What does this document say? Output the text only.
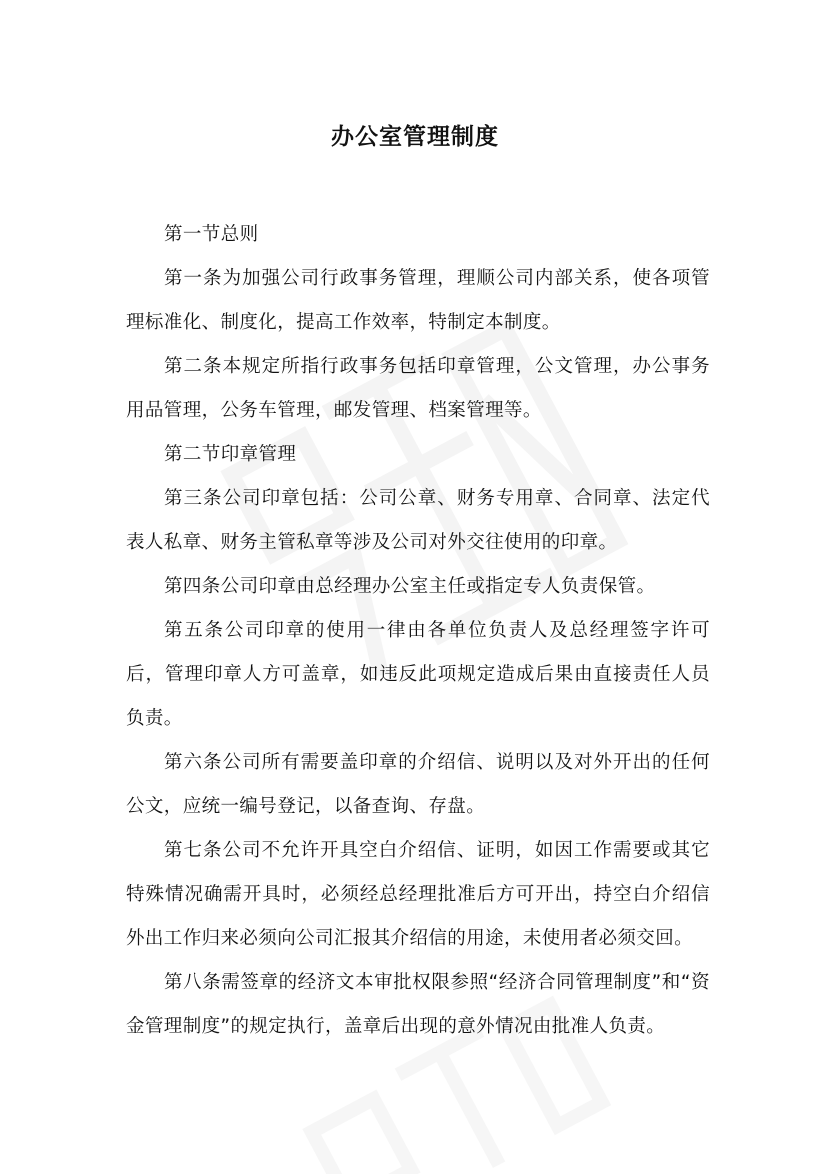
办公室管理制度

第一节总则

第一条为加强公司行政事务管理，理顺公司内部关系，使各项管理标准化、制度化，提高工作效率，特制定本制度。

第二条本规定所指行政事务包括印章管理，公文管理，办公事务用品管理，公务车管理，邮发管理、档案管理等。

第二节印章管理

第三条公司印章包括：公司公章、财务专用章、合同章、法定代表人私章、财务主管私章等涉及公司对外交往使用的印章。

第四条公司印章由总经理办公室主任或指定专人负责保管。

第五条公司印章的使用一律由各单位负责人及总经理签字许可后，管理印章人方可盖章，如违反此项规定造成后果由直接责任人员负责。

第六条公司所有需要盖印章的介绍信、说明以及对外开出的任何公文，应统一编号登记，以备查询、存盘。

第七条公司不允许开具空白介绍信、证明，如因工作需要或其它特殊情况确需开具时，必须经总经理批准后方可开出，持空白介绍信外出工作归来必须向公司汇报其介绍信的用途，未使用者必须交回。

第八条需签章的经济文本审批权限参照“经济合同管理制度”和“资金管理制度”的规定执行，盖章后出现的意外情况由批准人负责。
